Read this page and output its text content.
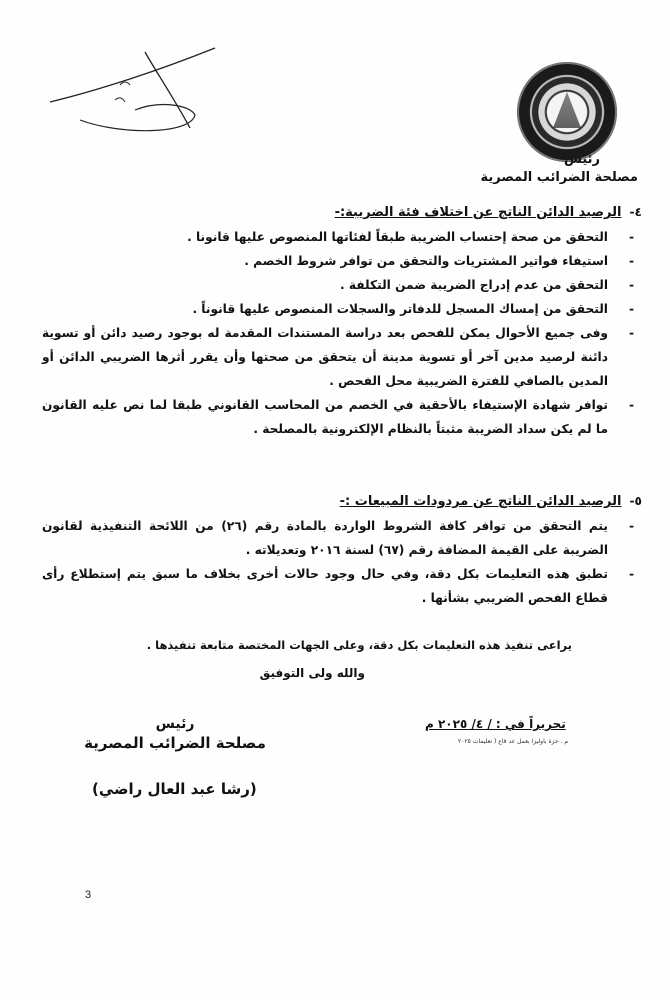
رئيس
مصلحة الضرائب المصرية
٤-الرصيد الدائن الناتج عن اختلاف فئة الضريبة:-
-
التحقق من صحة إحتساب الضريبة طبقاً لفئاتها المنصوص عليها قانونا .
-
استيفاء فواتير المشتريات والتحقق من توافر شروط الخصم .
-
التحقق من عدم إدراج الضريبة ضمن التكلفة .
-
التحقق من إمساك المسجل للدفاتر والسجلات المنصوص عليها قانوناً .
-
وفى جميع الأحوال يمكن للفحص بعد دراسة المستندات المقدمة له بوجود رصيد دائن أو تسوية دائنة لرصيد مدين آخر أو تسوية مدينة أن يتحقق من صحتها وأن يقرر أثرها الضريبي الدائن أو المدين بالصافي للفترة الضريبية محل الفحص .
-
توافر شهادة الإستيفاء بالأحقية في الخصم من المحاسب القانوني طبقا لما نص عليه القانون ما لم يكن سداد الضريبة مثبتاً بالنظام الإلكترونية بالمصلحة .
٥-الرصيد الدائن الناتج عن مردودات المبيعات :-
-
يتم التحقق من توافر كافة الشروط الواردة بالمادة رقم (٢٦) من اللائحة التنفيذية لقانون الضريبة على القيمة المضافة رقم (٦٧) لسنة ٢٠١٦ وتعديلاته .
-
تطبق هذه التعليمات بكل دقة، وفي حال وجود حالات أخرى بخلاف ما سبق يتم إستطلاع رأى قطاع الفحص الضريبي بشأنها .
يراعى تنفيذ هذه التعليمات بكل دقة، وعلى الجهات المختصة متابعة تنفيذها .
والله ولى التوفيق
تحريراً في : / ٤/ ٢٠٢٥ م
م . حزة باوليزا بعمل عد قاع ( تعليمات ٢٠٢٥
رئيس
مصلحة الضرائب المصرية
(رشا عبد العال راضي)
3
